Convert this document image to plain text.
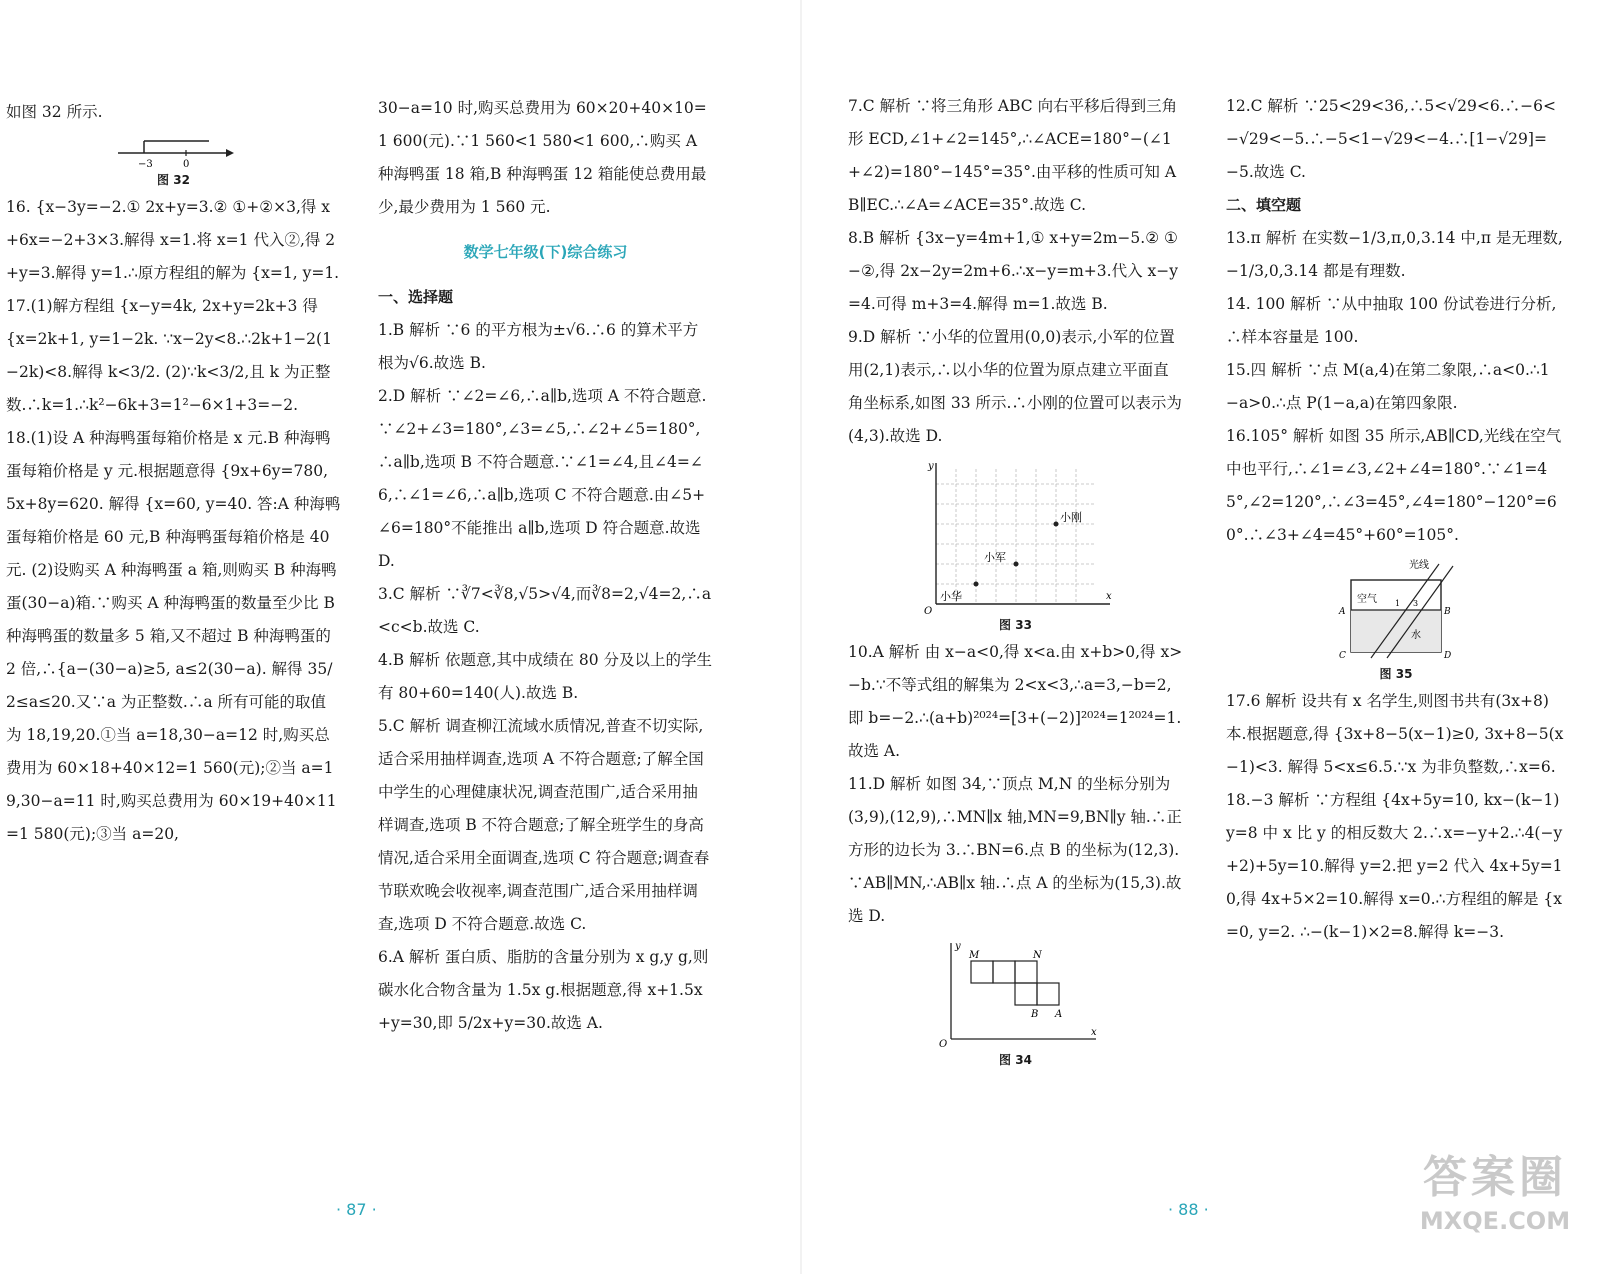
如图 32 所示.

−3	0

图 32

16. {x−3y=−2.① 2x+y=3.② ①+②×3,得 x+6x=−2+3×3.解得 x=1.将 x=1 代入②,得 2+y=3.解得 y=1.∴原方程组的解为 {x=1, y=1.

17.(1)解方程组 {x−y=4k, 2x+y=2k+3 得 {x=2k+1, y=1−2k. ∵x−2y<8.∴2k+1−2(1−2k)<8.解得 k<3/2. (2)∵k<3/2,且 k 为正整数.∴k=1.∴k²−6k+3=1²−6×1+3=−2.

18.(1)设 A 种海鸭蛋每箱价格是 x 元.B 种海鸭蛋每箱价格是 y 元.根据题意得 {9x+6y=780, 5x+8y=620. 解得 {x=60, y=40. 答:A 种海鸭蛋每箱价格是 60 元,B 种海鸭蛋每箱价格是 40 元. (2)设购买 A 种海鸭蛋 a 箱,则购买 B 种海鸭蛋(30−a)箱.∵购买 A 种海鸭蛋的数量至少比 B 种海鸭蛋的数量多 5 箱,又不超过 B 种海鸭蛋的 2 倍,∴{a−(30−a)≥5, a≤2(30−a). 解得 35/2≤a≤20.又∵a 为正整数.∴a 所有可能的取值为 18,19,20.①当 a=18,30−a=12 时,购买总费用为 60×18+40×12=1 560(元);②当 a=19,30−a=11 时,购买总费用为 60×19+40×11=1 580(元);③当 a=20,

30−a=10 时,购买总费用为 60×20+40×10=1 600(元).∵1 560<1 580<1 600,∴购买 A 种海鸭蛋 18 箱,B 种海鸭蛋 12 箱能使总费用最少,最少费用为 1 560 元.

数学七年级(下)综合练习

一、选择题

1.B 解析 ∵6 的平方根为±√6.∴6 的算术平方根为√6.故选 B.

2.D 解析 ∵∠2=∠6,∴a∥b,选项 A 不符合题意.∵∠2+∠3=180°,∠3=∠5,∴∠2+∠5=180°,∴a∥b,选项 B 不符合题意.∵∠1=∠4,且∠4=∠6,∴∠1=∠6,∴a∥b,选项 C 不符合题意.由∠5+∠6=180°不能推出 a∥b,选项 D 符合题意.故选 D.

3.C 解析 ∵∛7<∛8,√5>√4,而∛8=2,√4=2,∴a<c<b.故选 C.

4.B 解析 依题意,其中成绩在 80 分及以上的学生有 80+60=140(人).故选 B.

5.C 解析 调查柳江流域水质情况,普查不切实际,适合采用抽样调查,选项 A 不符合题意;了解全国中学生的心理健康状况,调查范围广,适合采用抽样调查,选项 B 不符合题意;了解全班学生的身高情况,适合采用全面调查,选项 C 符合题意;调查春节联欢晚会收视率,调查范围广,适合采用抽样调查,选项 D 不符合题意.故选 C.

6.A 解析 蛋白质、脂肪的含量分别为 x g,y g,则碳水化合物含量为 1.5x g.根据题意,得 x+1.5x+y=30,即 5/2x+y=30.故选 A.

· 87 ·

7.C 解析 ∵将三角形 ABC 向右平移后得到三角形 ECD,∠1+∠2=145°,∴∠ACE=180°−(∠1+∠2)=180°−145°=35°.由平移的性质可知 AB∥EC.∴∠A=∠ACE=35°.故选 C.

8.B 解析 {3x−y=4m+1,① x+y=2m−5.② ①−②,得 2x−2y=2m+6.∴x−y=m+3.代入 x−y=4.可得 m+3=4.解得 m=1.故选 B.

9.D 解析 ∵小华的位置用(0,0)表示,小军的位置用(2,1)表示,∴以小华的位置为原点建立平面直角坐标系,如图 33 所示.∴小刚的位置可以表示为(4,3).故选 D.

y
x
O
小华
小军
小刚

图 33

10.A 解析 由 x−a<0,得 x<a.由 x+b>0,得 x>−b.∵不等式组的解集为 2<x<3,∴a=3,−b=2,即 b=−2.∴(a+b)²⁰²⁴=[3+(−2)]²⁰²⁴=1²⁰²⁴=1.故选 A.

11.D 解析 如图 34,∵顶点 M,N 的坐标分别为(3,9),(12,9),∴MN∥x 轴,MN=9,BN∥y 轴.∴正方形的边长为 3.∴BN=6.点 B 的坐标为(12,3).∵AB∥MN,∴AB∥x 轴.∴点 A 的坐标为(15,3).故选 D.

y
x
O
M	N
B A

图 34

12.C 解析 ∵25<29<36,∴5<√29<6.∴−6<−√29<−5.∴−5<1−√29<−4.∴[1−√29]=−5.故选 C.

二、填空题

13.π 解析 在实数−1/3,π,0,3.14 中,π 是无理数,−1/3,0,3.14 都是有理数.

14. 100 解析 ∵从中抽取 100 份试卷进行分析,∴样本容量是 100.

15.四 解析 ∵点 M(a,4)在第二象限,∴a<0.∴1−a>0.∴点 P(1−a,a)在第四象限.

16.105° 解析 如图 35 所示,AB∥CD,光线在空气中也平行,∴∠1=∠3,∠2+∠4=180°.∵∠1=45°,∠2=120°,∴∠3=45°,∠4=180°−120°=60°.∴∠3+∠4=45°+60°=105°.

光线
空气
水
A	B
C	D
1 3

图 35

17.6 解析 设共有 x 名学生,则图书共有(3x+8)本.根据题意,得 {3x+8−5(x−1)≥0, 3x+8−5(x−1)<3. 解得 5<x≤6.5.∵x 为非负整数,∴x=6.

18.−3 解析 ∵方程组 {4x+5y=10, kx−(k−1)y=8 中 x 比 y 的相反数大 2.∴x=−y+2.∴4(−y+2)+5y=10.解得 y=2.把 y=2 代入 4x+5y=10,得 4x+5×2=10.解得 x=0.∴方程组的解是 {x=0, y=2. ∴−(k−1)×2=8.解得 k=−3.

· 88 ·
答案圈
MXQE.COM
